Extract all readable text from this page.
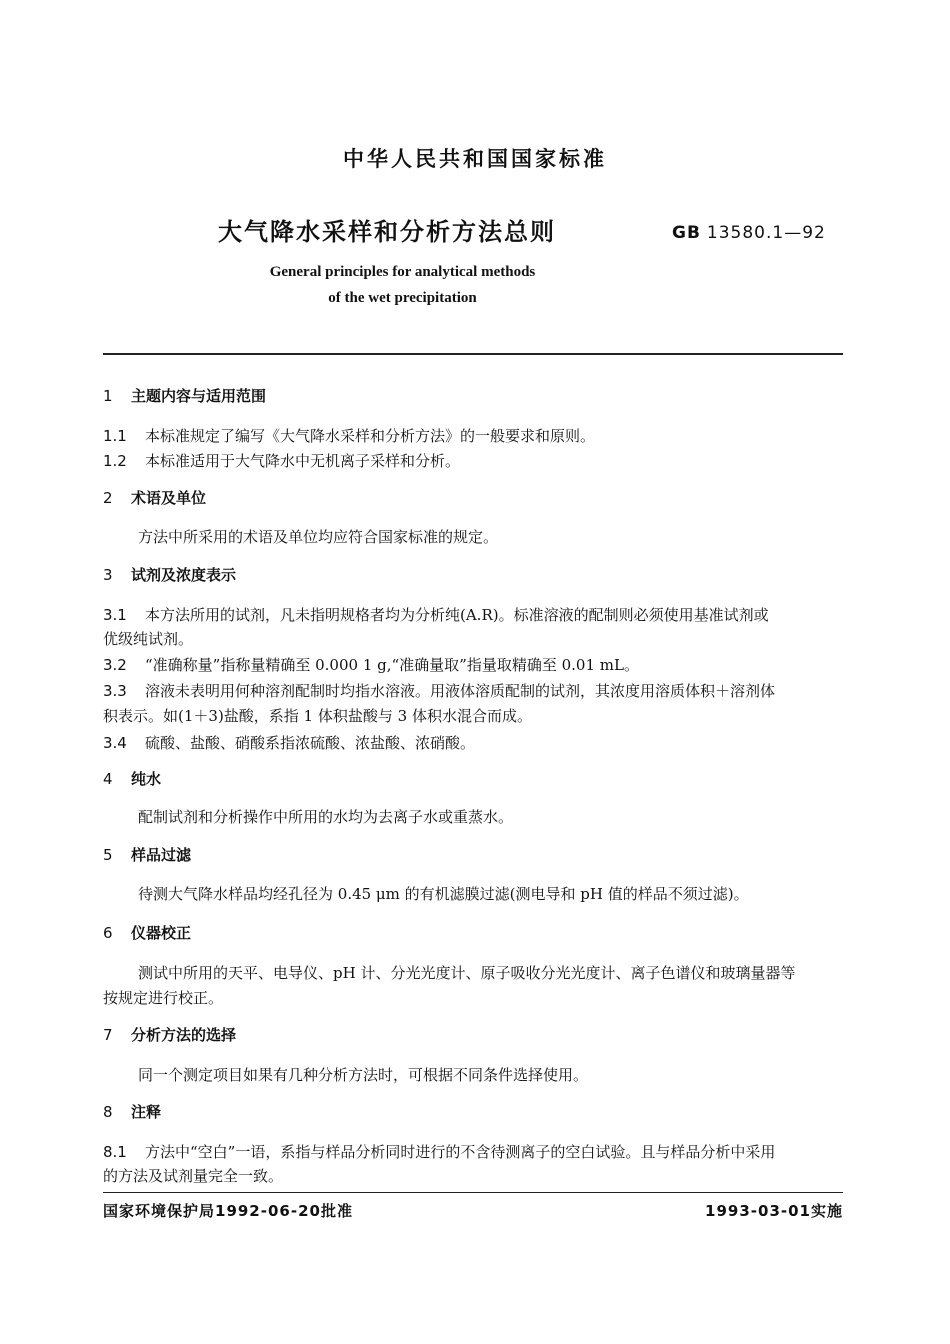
中华人民共和国国家标准
大气降水采样和分析方法总则	GB 13580.1—92
General principles for analytical methods
of the wet precipitation
1 主题内容与适用范围
1.1 本标准规定了编写《大气降水采样和分析方法》的一般要求和原则。
1.2 本标准适用于大气降水中无机离子采样和分析。
2 术语及单位
方法中所采用的术语及单位均应符合国家标准的规定。
3 试剂及浓度表示
3.1 本方法所用的试剂，凡未指明规格者均为分析纯(A.R)。标准溶液的配制则必须使用基准试剂或
优级纯试剂。
3.2 “准确称量”指称量精确至 0.000 1 g,“准确量取”指量取精确至 0.01 mL。
3.3 溶液未表明用何种溶剂配制时均指水溶液。用液体溶质配制的试剂，其浓度用溶质体积＋溶剂体
积表示。如(1＋3)盐酸，系指 1 体积盐酸与 3 体积水混合而成。
3.4 硫酸、盐酸、硝酸系指浓硫酸、浓盐酸、浓硝酸。
4 纯水
配制试剂和分析操作中所用的水均为去离子水或重蒸水。
5 样品过滤
待测大气降水样品均经孔径为 0.45 μm 的有机滤膜过滤(测电导和 pH 值的样品不须过滤)。
6 仪器校正
测试中所用的天平、电导仪、pH 计、分光光度计、原子吸收分光光度计、离子色谱仪和玻璃量器等
按规定进行校正。
7 分析方法的选择
同一个测定项目如果有几种分析方法时，可根据不同条件选择使用。
8 注释
8.1 方法中“空白”一语，系指与样品分析同时进行的不含待测离子的空白试验。且与样品分析中采用
的方法及试剂量完全一致。
国家环境保护局1992-06-20批准	1993-03-01实施
